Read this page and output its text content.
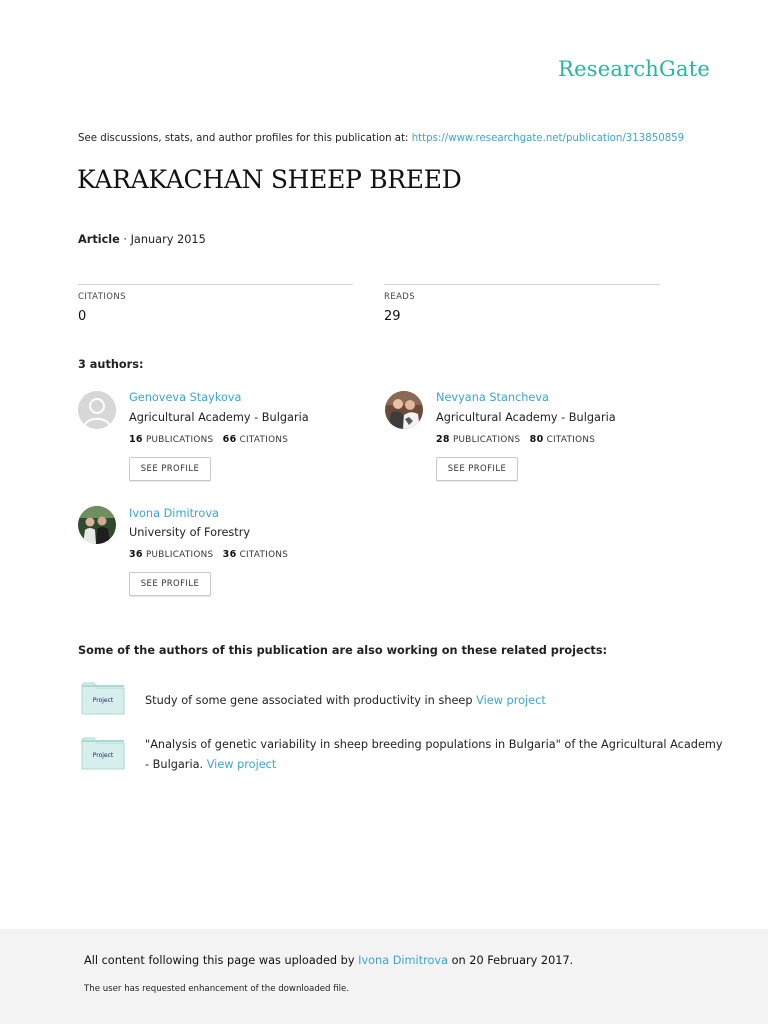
ResearchGate
See discussions, stats, and author profiles for this publication at: https://www.researchgate.net/publication/313850859
KARAKACHAN SHEEP BREED
Article · January 2015
CITATIONS
0
READS
29
3 authors:
Genoveva Staykova
Agricultural Academy - Bulgaria
16 PUBLICATIONS 66 CITATIONS
SEE PROFILE
Nevyana Stancheva
Agricultural Academy - Bulgaria
28 PUBLICATIONS 80 CITATIONS
SEE PROFILE
Ivona Dimitrova
University of Forestry
36 PUBLICATIONS 36 CITATIONS
SEE PROFILE
Some of the authors of this publication are also working on these related projects:
Project	Study of some gene associated with productivity in sheep View project
Project
"Analysis of genetic variability in sheep breeding populations in Bulgaria" of the Agricultural Academy
- Bulgaria. View project
All content following this page was uploaded by Ivona Dimitrova on 20 February 2017.
The user has requested enhancement of the downloaded file.
